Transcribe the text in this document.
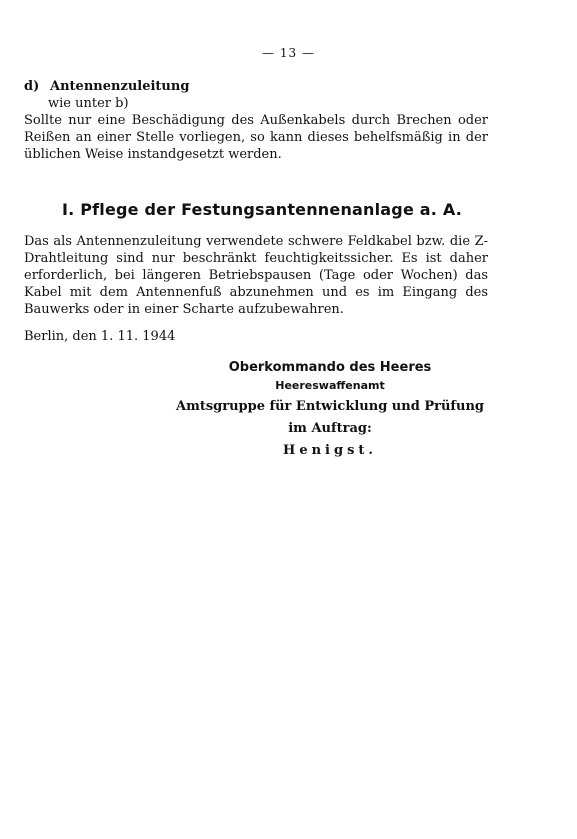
— 13 —

d) Antennenzuleitung

wie unter b)

Sollte nur eine Beschädigung des Außenkabels durch Brechen oder Reißen an einer Stelle vorliegen, so kann dieses behelfsmäßig in der üblichen Weise instandgesetzt werden.

I. Pflege der Festungsantennenanlage a. A.

Das als Antennenzuleitung verwendete schwere Feldkabel bzw. die Z-Drahtleitung sind nur beschränkt feuchtigkeitssicher. Es ist daher erforderlich, bei längeren Betriebspausen (Tage oder Wochen) das Kabel mit dem Antennenfuß abzunehmen und es im Eingang des Bauwerks oder in einer Scharte aufzubewahren.

Berlin, den 1. 11. 1944

Oberkommando des Heeres

Heereswaffenamt

Amtsgruppe für Entwicklung und Prüfung

im Auftrag:

Henigst.
